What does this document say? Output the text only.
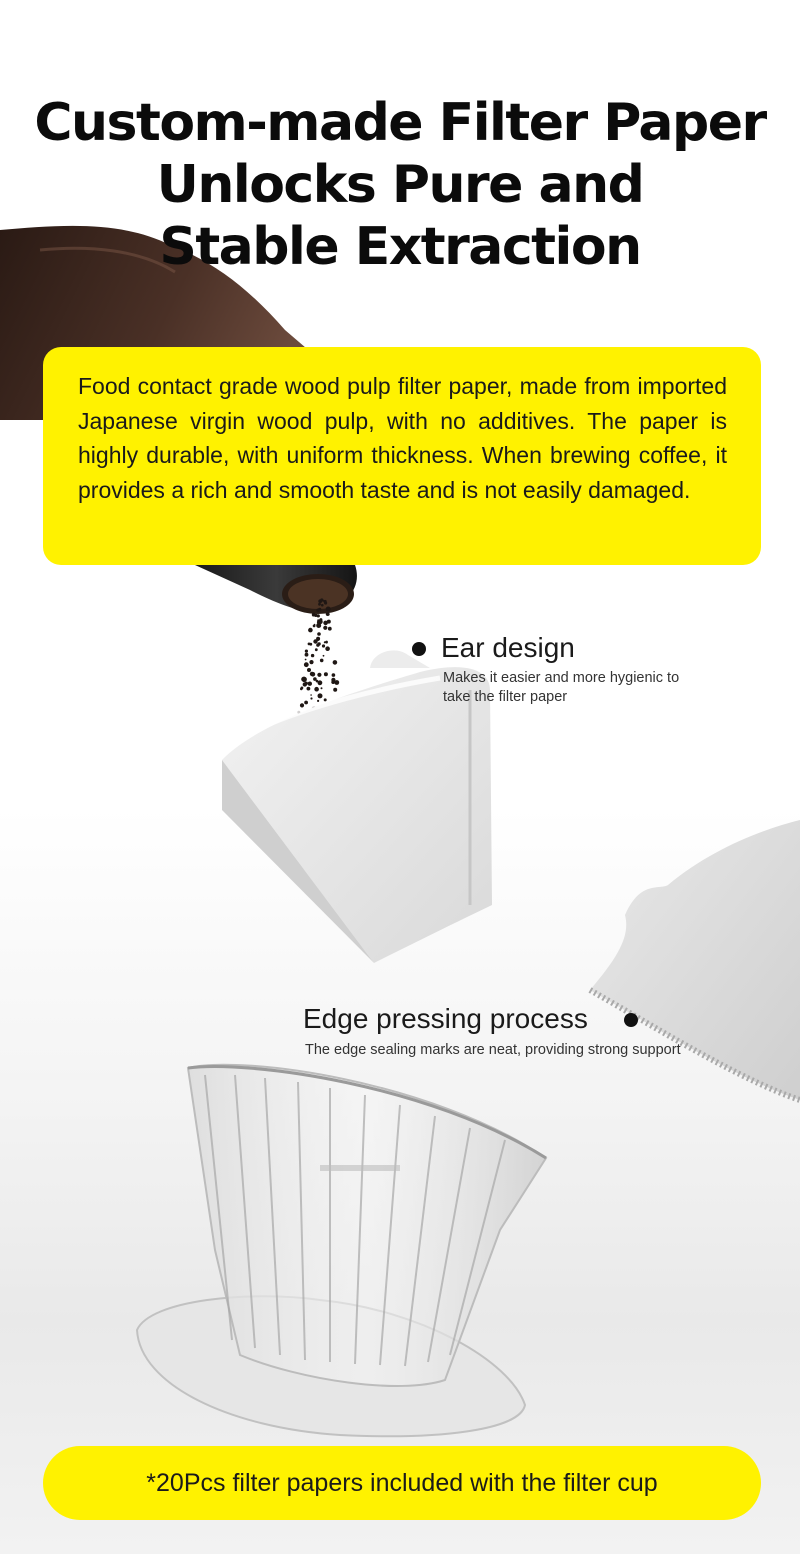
Custom-made Filter Paper
Unlocks Pure and
Stable Extraction

Food contact grade wood pulp filter paper, made from imported Japanese virgin wood pulp, with no additives. The paper is highly durable, with uniform thickness. When brewing coffee, it provides a rich and smooth taste and is not easily damaged.

Ear design
Makes it easier and more hygienic to
take the filter paper
Edge pressing process
The edge sealing marks are neat, providing strong support
*20Pcs filter papers included with the filter cup
